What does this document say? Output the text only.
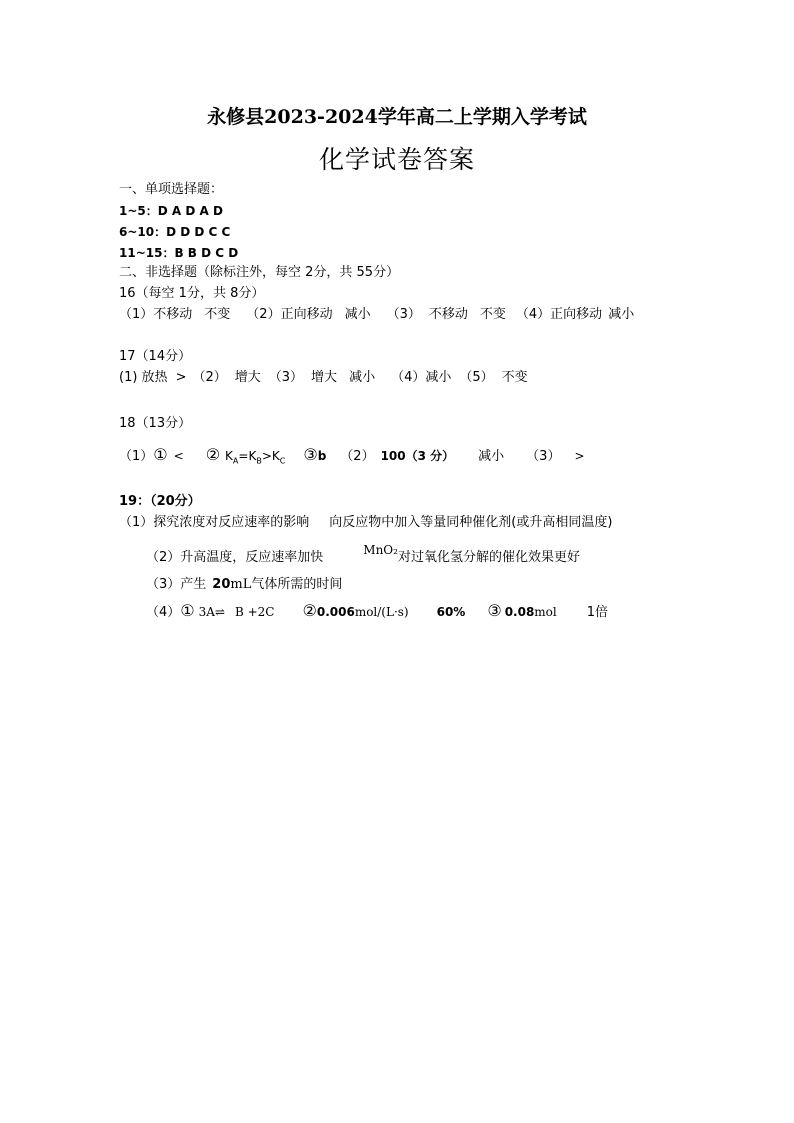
永修县2023-2024学年高二上学期入学考试
化学试卷答案
一、单项选择题：
1~5：D A D A D
6~10：D D D C C
11~15：B B D C D
二、非选择题（除标注外，每空 2分，共 55分）
16（每空 1分，共 8分）
（1）不移动 不变 （2）正向移动 减小 （3） 不移动 不变 （4）正向移动 减小
17（14分）
(1) 放热 > （2） 增大 （3） 增大 减小 （4）减小 （5） 不变
18（13分）
（1）① < ② $K_A=K_B>K_C$ ③b （2） 100（3 分） 减小 （3） >
19：（20分）
（1）探究浓度对反应速率的影响 向反应物中加入等量同种催化剂(或升高相同温度)
（2）升高温度，反应速率加快	MnO₂对过氧化氢分解的催化效果更好
（3）产生 20mL气体所需的时间
（4）① 3A⇌ B +2C ②0.006mol/(L·s) 60% ③ 0.08mol 1倍
